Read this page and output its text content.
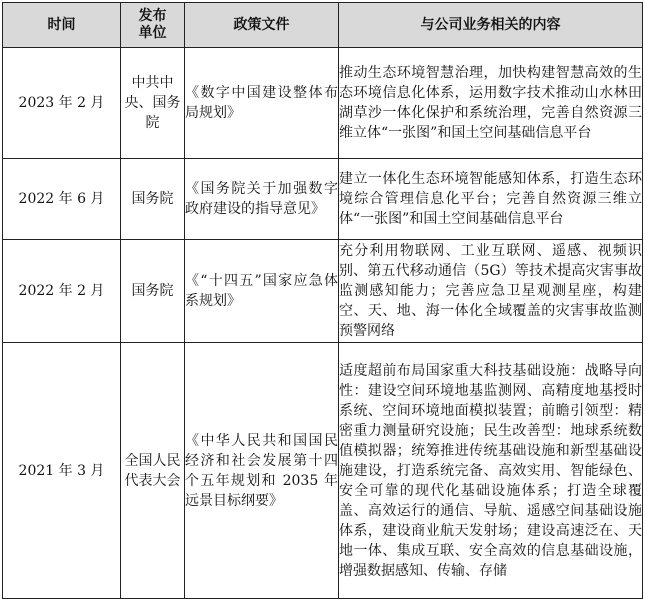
时间	发布单位	政策文件	与公司业务相关的内容
2023 年 2 月	中共中央、国务院	《数字中国建设整体布局规划》	推动生态环境智慧治理，加快构建智慧高效的生态环境信息化体系，运用数字技术推动山水林田湖草沙一体化保护和系统治理，完善自然资源三维立体“一张图”和国土空间基础信息平台
2022 年 6 月	国务院	《国务院关于加强数字政府建设的指导意见》	建立一体化生态环境智能感知体系，打造生态环境综合管理信息化平台；完善自然资源三维立体“一张图”和国土空间基础信息平台
2022 年 2 月	国务院	《“十四五”国家应急体系规划》	充分利用物联网、工业互联网、遥感、视频识别、第五代移动通信（5G）等技术提高灾害事故监测感知能力；完善应急卫星观测星座，构建空、天、地、海一体化全域覆盖的灾害事故监测预警网络
2021 年 3 月	全国人民代表大会	《中华人民共和国国民经济和社会发展第十四个五年规划和 2035 年远景目标纲要》	适度超前布局国家重大科技基础设施：战略导向性：建设空间环境地基监测网、高精度地基授时系统、空间环境地面模拟装置；前瞻引领型：精密重力测量研究设施；民生改善型：地球系统数值模拟器；统筹推进传统基础设施和新型基础设施建设，打造系统完备、高效实用、智能绿色、安全可靠的现代化基础设施体系；打造全球覆盖、高效运行的通信、导航、遥感空间基础设施体系，建设商业航天发射场；建设高速泛在、天地一体、集成互联、安全高效的信息基础设施，增强数据感知、传输、存储
